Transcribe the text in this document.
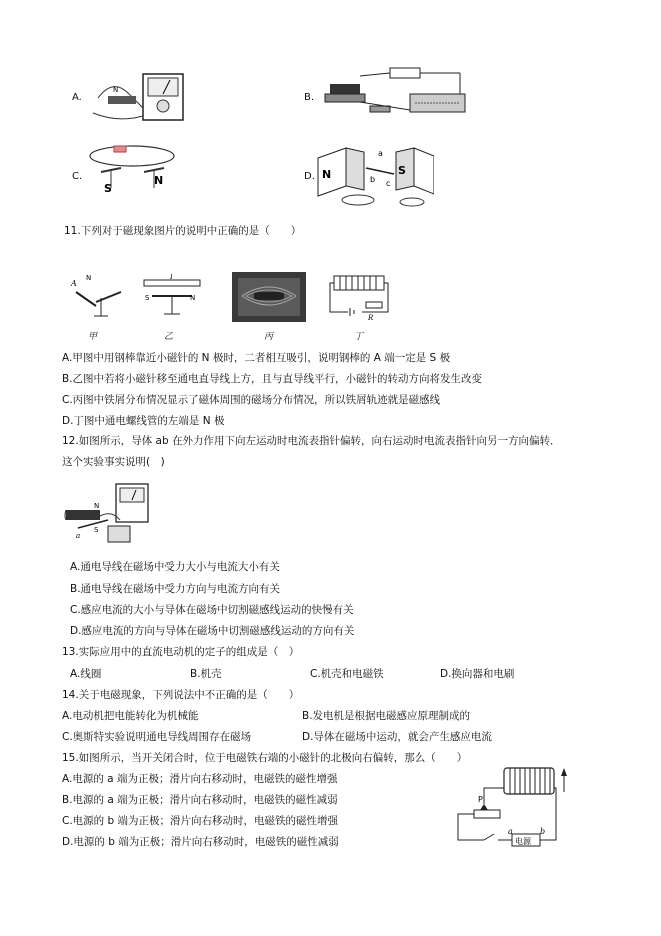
A.
N
B.
C.
S
N	D. N	S
a
b c
11.下列对于磁现象图片的说明中正确的是（　　）
A
N
甲
S	N
I
乙	丙
R
丁
A.甲图中用钢棒靠近小磁针的 N 极时，二者相互吸引，说明钢棒的 A 端一定是 S 极
B.乙图中若将小磁针移至通电直导线上方，且与直导线平行，小磁针的转动方向将发生改变
C.丙图中铁屑分布情况显示了磁体周围的磁场分布情况，所以铁屑轨迹就是磁感线
D.丁图中通电螺线管的左端是 N 极
12.如图所示，导体 ab 在外力作用下向左运动时电流表指针偏转，向右运动时电流表指针向另一方向偏转．
这个实验事实说明(　)
a
N
S
A.通电导线在磁场中受力大小与电流大小有关
B.通电导线在磁场中受力方向与电流方向有关
C.感应电流的大小与导体在磁场中切割磁感线运动的快慢有关
D.感应电流的方向与导体在磁场中切割磁感线运动的方向有关
13.实际应用中的直流电动机的定子的组成是（　）
A.线圈	B.机壳	C.机壳和电磁铁	D.换向器和电刷
14.关于电磁现象，下列说法中不正确的是（　　）
A.电动机把电能转化为机械能	B.发电机是根据电磁感应原理制成的
C.奥斯特实验说明通电导线周围存在磁场	D.导体在磁场中运动，就会产生感应电流
15.如图所示，当开关闭合时，位于电磁铁右端的小磁针的北极向右偏转，那么（　　）
A.电源的 a 端为正极；滑片向右移动时，电磁铁的磁性增强
B.电源的 a 端为正极；滑片向右移动时，电磁铁的磁性减弱
C.电源的 b 端为正极；滑片向右移动时，电磁铁的磁性增强
D.电源的 b 端为正极；滑片向右移动时，电磁铁的磁性减弱
P
a	b
电源
